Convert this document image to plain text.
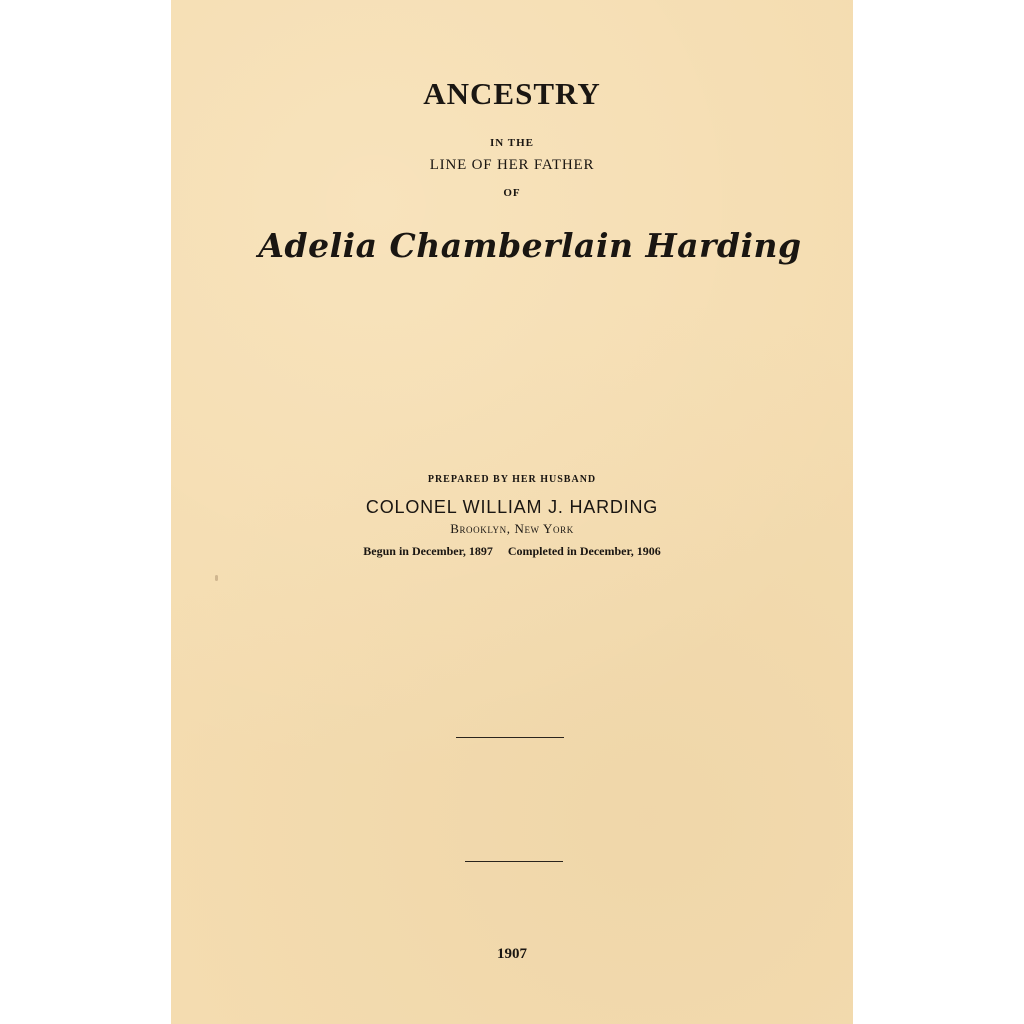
ANCESTRY
IN THE
LINE OF HER FATHER
OF
Adelia Chamberlain Harding
PREPARED BY HER HUSBAND
COLONEL WILLIAM J. HARDING
Brooklyn, New York
Begun in December, 1897 Completed in December, 1906
1907
